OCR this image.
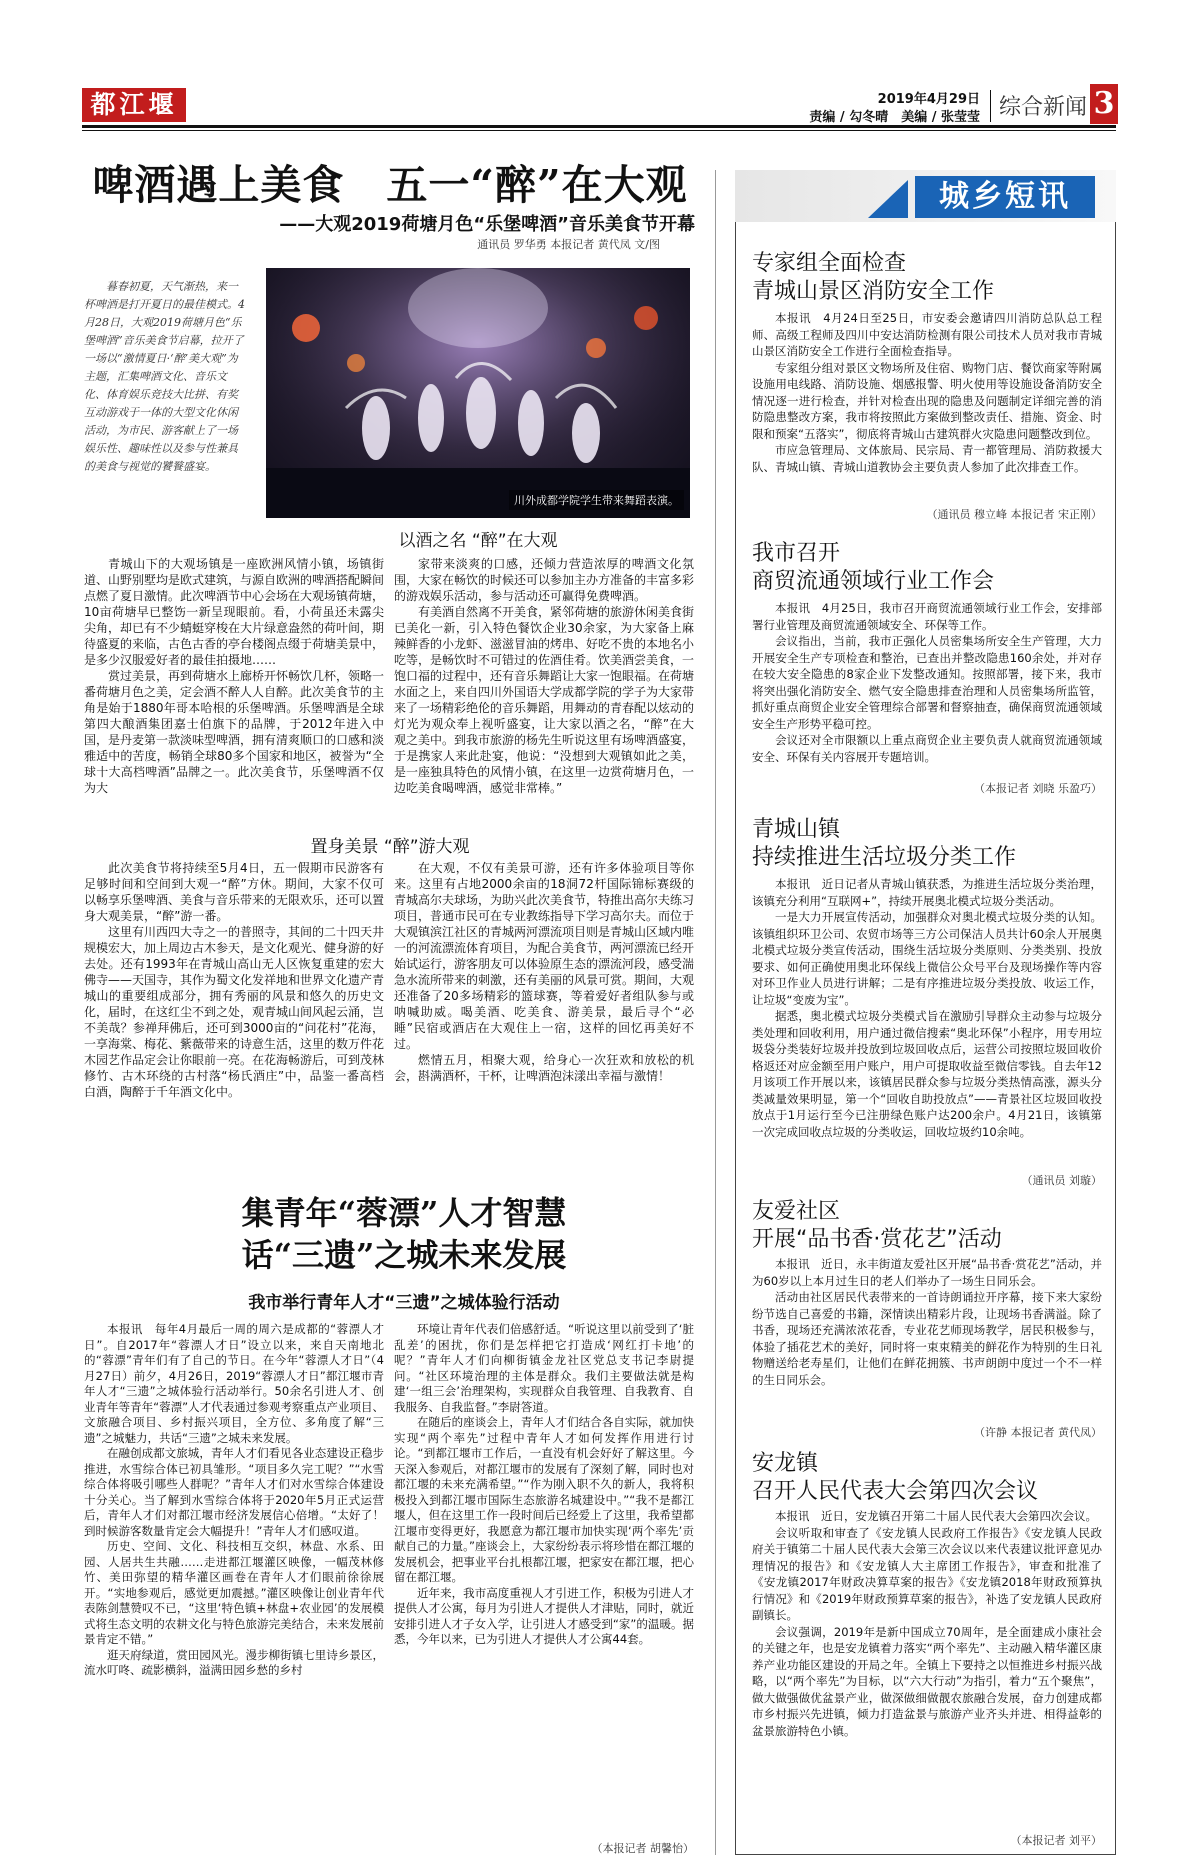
都江堰报
2019年4月29日
责编 / 勾冬晴　美编 / 张莹莹 综合新闻 3
啤酒遇上美食　五一“醉”在大观
——大观2019荷塘月色“乐堡啤酒”音乐美食节开幕
通讯员 罗华勇 本报记者 黄代凤 文/图
暮春初夏，天气渐热，来一杯啤酒是打开夏日的最佳模式。4月28日，大观2019荷塘月色“乐堡啤酒”音乐美食节启幕，拉开了一场以“激情夏日·‘醉’美大观”为主题，汇集啤酒文化、音乐文化、体育娱乐竞技大比拼、有奖互动游戏于一体的大型文化休闲活动，为市民、游客献上了一场娱乐性、趣味性以及参与性兼具的美食与视觉的饕餮盛宴。
川外成都学院学生带来舞蹈表演。
以酒之名 “醉”在大观

青城山下的大观场镇是一座欧洲风情小镇，场镇街道、山野别墅均是欧式建筑，与源自欧洲的啤酒搭配瞬间点燃了夏日激情。此次啤酒节中心会场在大观场镇荷塘，10亩荷塘早已整饬一新呈现眼前。看，小荷虽还未露尖尖角，却已有不少蜻蜓穿梭在大片绿意盎然的荷叶间，期待盛夏的来临，古色古香的亭台楼阁点缀于荷塘美景中，是多少汉服爱好者的最佳拍摄地……

赏过美景，再到荷塘水上廊桥开怀畅饮几杯，领略一番荷塘月色之美，定会酒不醉人人自醉。此次美食节的主角是始于1880年哥本哈根的乐堡啤酒。乐堡啤酒是全球第四大酿酒集团嘉士伯旗下的品牌，于2012年进入中国，是丹麦第一款淡味型啤酒，拥有清爽顺口的口感和淡雅适中的苦度，畅销全球80多个国家和地区，被誉为“全球十大高档啤酒”品牌之一。此次美食节，乐堡啤酒不仅为大

家带来淡爽的口感，还倾力营造浓厚的啤酒文化氛围，大家在畅饮的时候还可以参加主办方准备的丰富多彩的游戏娱乐活动，参与活动还可赢得免费啤酒。

有美酒自然离不开美食，紧邻荷塘的旅游休闲美食街已美化一新，引入特色餐饮企业30余家，为大家备上麻辣鲜香的小龙虾、滋滋冒油的烤串、好吃不贵的本地名小吃等，是畅饮时不可错过的佐酒佳肴。饮美酒尝美食，一饱口福的过程中，还有音乐舞蹈让大家一饱眼福。在荷塘水面之上，来自四川外国语大学成都学院的学子为大家带来了一场精彩绝伦的音乐舞蹈，用舞动的青春配以炫动的灯光为观众奉上视听盛宴，让大家以酒之名，“醉”在大观之美中。到我市旅游的杨先生听说这里有场啤酒盛宴，于是携家人来此赴宴，他说：“没想到大观镇如此之美，是一座独具特色的风情小镇，在这里一边赏荷塘月色，一边吃美食喝啤酒，感觉非常棒。”

置身美景 “醉”游大观

此次美食节将持续至5月4日，五一假期市民游客有足够时间和空间到大观一“醉”方休。期间，大家不仅可以畅享乐堡啤酒、美食与音乐带来的无限欢乐，还可以置身大观美景，“醉”游一番。

这里有川西四大寺之一的普照寺，其间的二十四天井规模宏大，加上周边古木参天，是文化观光、健身游的好去处。还有1993年在青城山高山无人区恢复重建的宏大佛寺——天国寺，其作为蜀文化发祥地和世界文化遗产青城山的重要组成部分，拥有秀丽的风景和悠久的历史文化，届时，在这红尘不到之处，观青城山间风起云涌，岂不美哉？参禅拜佛后，还可到3000亩的“问花村”花海，一享海棠、梅花、紫薇带来的诗意生活，这里的数万件花木园艺作品定会让你眼前一亮。在花海畅游后，可到茂林修竹、古木环绕的古村落“杨氏酒庄”中，品鉴一番高档白酒，陶醉于千年酒文化中。

在大观，不仅有美景可游，还有许多体验项目等你来。这里有占地2000余亩的18洞72杆国际锦标赛级的青城高尔夫球场，为助兴此次美食节，特推出高尔夫练习项目，普通市民可在专业教练指导下学习高尔夫。而位于大观镇滨江社区的青城两河漂流项目则是青城山区域内唯一的河流漂流体育项目，为配合美食节，两河漂流已经开始试运行，游客朋友可以体验原生态的漂流河段，感受湍急水流所带来的刺激，还有美丽的风景可赏。期间，大观还准备了20多场精彩的篮球赛，等着爱好者组队参与或呐喊助威。喝美酒、吃美食、游美景，最后寻个“必睡”民宿或酒店在大观住上一宿，这样的回忆再美好不过。

燃情五月，相聚大观，给身心一次狂欢和放松的机会，斟满酒杯，干杯，让啤酒泡沫漾出幸福与激情！

集青年“蓉漂”人才智慧
话“三遗”之城未来发展
我市举行青年人才“三遗”之城体验行活动

本报讯　每年4月最后一周的周六是成都的“蓉漂人才日”。自2017年“蓉漂人才日”设立以来，来自天南地北的“蓉漂”青年们有了自己的节日。在今年“蓉漂人才日”（4月27日）前夕，4月26日，2019“蓉漂人才日”都江堰市青年人才“三遗”之城体验行活动举行。50余名引进人才、创业青年等青年“蓉漂”人才代表通过参观考察重点产业项目、文旅融合项目、乡村振兴项目，全方位、多角度了解“三遗”之城魅力，共话“三遗”之城未来发展。

在融创成都文旅城，青年人才们看见各业态建设正稳步推进，水雪综合体已初具雏形。“项目多久完工呢？”“水雪综合体将吸引哪些人群呢？”青年人才们对水雪综合体建设十分关心。当了解到水雪综合体将于2020年5月正式运营后，青年人才们对都江堰市经济发展信心倍增。“太好了！到时候游客数量肯定会大幅提升！”青年人才们感叹道。

历史、空间、文化、科技相互交织，林盘、水系、田园、人居共生共融……走进都江堰灌区映像，一幅茂林修竹、美田弥望的精华灌区画卷在青年人才们眼前徐徐展开。“实地参观后，感觉更加震撼。”灌区映像让创业青年代表陈剑慧赞叹不已，“这里‘特色镇+林盘+农业园’的发展模式将生态文明的农耕文化与特色旅游完美结合，未来发展前景肯定不错。”

逛天府绿道，赏田园风光。漫步柳街镇七里诗乡景区，流水叮咚、疏影横斜，溢满田园乡愁的乡村

环境让青年代表们倍感舒适。“听说这里以前受到了‘脏乱差’的困扰，你们是怎样把它打造成‘网红打卡地’的呢？”青年人才们向柳街镇金龙社区党总支书记李尉提问。“社区环境治理的主体是群众。我们主要做法就是构建‘一组三会’治理架构，实现群众自我管理、自我教育、自我服务、自我监督。”李尉答道。

在随后的座谈会上，青年人才们结合各自实际，就加快实现“两个率先”过程中青年人才如何发挥作用进行讨论。“到都江堰市工作后，一直没有机会好好了解这里。今天深入参观后，对都江堰市的发展有了深刻了解，同时也对都江堰的未来充满希望。”“作为刚入职不久的新人，我将积极投入到都江堰市国际生态旅游名城建设中。”“我不是都江堰人，但在这里工作一段时间后已经爱上了这里，我希望都江堰市变得更好，我愿意为都江堰市加快实现‘两个率先’贡献自己的力量。”座谈会上，大家纷纷表示将珍惜在都江堰的发展机会，把事业平台扎根都江堰，把家安在都江堰，把心留在都江堰。

近年来，我市高度重视人才引进工作，积极为引进人才提供人才公寓，每月为引进人才提供人才津贴，同时，就近安排引进人才子女入学，让引进人才感受到“家”的温暖。据悉，今年以来，已为引进人才提供人才公寓44套。

（本报记者 胡馨怡）
城乡短讯
专家组全面检查
青城山景区消防安全工作

本报讯　4月24日至25日，市安委会邀请四川消防总队总工程师、高级工程师及四川中安达消防检测有限公司技术人员对我市青城山景区消防安全工作进行全面检查指导。

专家组分组对景区文物场所及住宿、购物门店、餐饮商家等附属设施用电线路、消防设施、烟感报警、明火使用等设施设备消防安全情况逐一进行检查，并针对检查出现的隐患及问题制定详细完善的消防隐患整改方案，我市将按照此方案做到整改责任、措施、资金、时限和预案“五落实”，彻底将青城山古建筑群火灾隐患问题整改到位。

市应急管理局、文体旅局、民宗局、青一都管理局、消防救援大队、青城山镇、青城山道教协会主要负责人参加了此次排查工作。

（通讯员 穆立峰 本报记者 宋正刚）
我市召开
商贸流通领域行业工作会

本报讯　4月25日，我市召开商贸流通领域行业工作会，安排部署行业管理及商贸流通领域安全、环保等工作。

会议指出，当前，我市正强化人员密集场所安全生产管理，大力开展安全生产专项检查和整治，已查出并整改隐患160余处，并对存在较大安全隐患的8家企业下发整改通知。按照部署，接下来，我市将突出强化消防安全、燃气安全隐患排查治理和人员密集场所监管，抓好重点商贸企业安全管理综合部署和督察抽查，确保商贸流通领域安全生产形势平稳可控。

会议还对全市限额以上重点商贸企业主要负责人就商贸流通领域安全、环保有关内容展开专题培训。

（本报记者 刘晓 乐盈巧）
青城山镇
持续推进生活垃圾分类工作

本报讯　近日记者从青城山镇获悉，为推进生活垃圾分类治理，该镇充分利用“互联网+”，持续开展奥北模式垃圾分类活动。

一是大力开展宣传活动，加强群众对奥北模式垃圾分类的认知。该镇组织环卫公司、农贸市场等三方公司保洁人员共计60余人开展奥北模式垃圾分类宣传活动，围绕生活垃圾分类原则、分类类别、投放要求、如何正确使用奥北环保线上微信公众号平台及现场操作等内容对环卫作业人员进行讲解；二是有序推进垃圾分类投放、收运工作，让垃圾“变废为宝”。

据悉，奥北模式垃圾分类模式旨在激励引导群众主动参与垃圾分类处理和回收利用，用户通过微信搜索“奥北环保”小程序，用专用垃圾袋分类装好垃圾并投放到垃圾回收点后，运营公司按照垃圾回收价格返还对应金额至用户账户，用户可提取收益至微信零钱。自去年12月该项工作开展以来，该镇居民群众参与垃圾分类热情高涨，源头分类减量效果明显，第一个“回收自助投放点”——青景社区垃圾回收投放点于1月运行至今已注册绿色账户达200余户。4月21日，该镇第一次完成回收点垃圾的分类收运，回收垃圾约10余吨。

（通讯员 刘璇）
友爱社区
开展“品书香·赏花艺”活动

本报讯　近日，永丰街道友爱社区开展“品书香·赏花艺”活动，并为60岁以上本月过生日的老人们举办了一场生日同乐会。

活动由社区居民代表带来的一首诗朗诵拉开序幕，接下来大家纷纷节选自己喜爱的书籍，深情读出精彩片段，让现场书香满溢。除了书香，现场还充满浓浓花香，专业花艺师现场教学，居民积极参与，体验了插花艺术的美好，同时将一束束精美的鲜花作为特别的生日礼物赠送给老寿星们，让他们在鲜花拥簇、书声朗朗中度过一个不一样的生日同乐会。

（许静 本报记者 黄代凤）
安龙镇
召开人民代表大会第四次会议

本报讯　近日，安龙镇召开第二十届人民代表大会第四次会议。

会议听取和审查了《安龙镇人民政府工作报告》《安龙镇人民政府关于镇第二十届人民代表大会第三次会议以来代表建议批评意见办理情况的报告》和《安龙镇人大主席团工作报告》，审查和批准了《安龙镇2017年财政决算草案的报告》《安龙镇2018年财政预算执行情况》和《2019年财政预算草案的报告》，补选了安龙镇人民政府副镇长。

会议强调，2019年是新中国成立70周年，是全面建成小康社会的关键之年，也是安龙镇着力落实“两个率先”、主动融入精华灌区康养产业功能区建设的开局之年。全镇上下要持之以恒推进乡村振兴战略，以“两个率先”为目标，以“六大行动”为指引，着力“五个聚焦”，做大做强做优盆景产业，做深做细做靓农旅融合发展，奋力创建成都市乡村振兴先进镇，倾力打造盆景与旅游产业齐头并进、相得益彰的盆景旅游特色小镇。

（本报记者 刘平）
